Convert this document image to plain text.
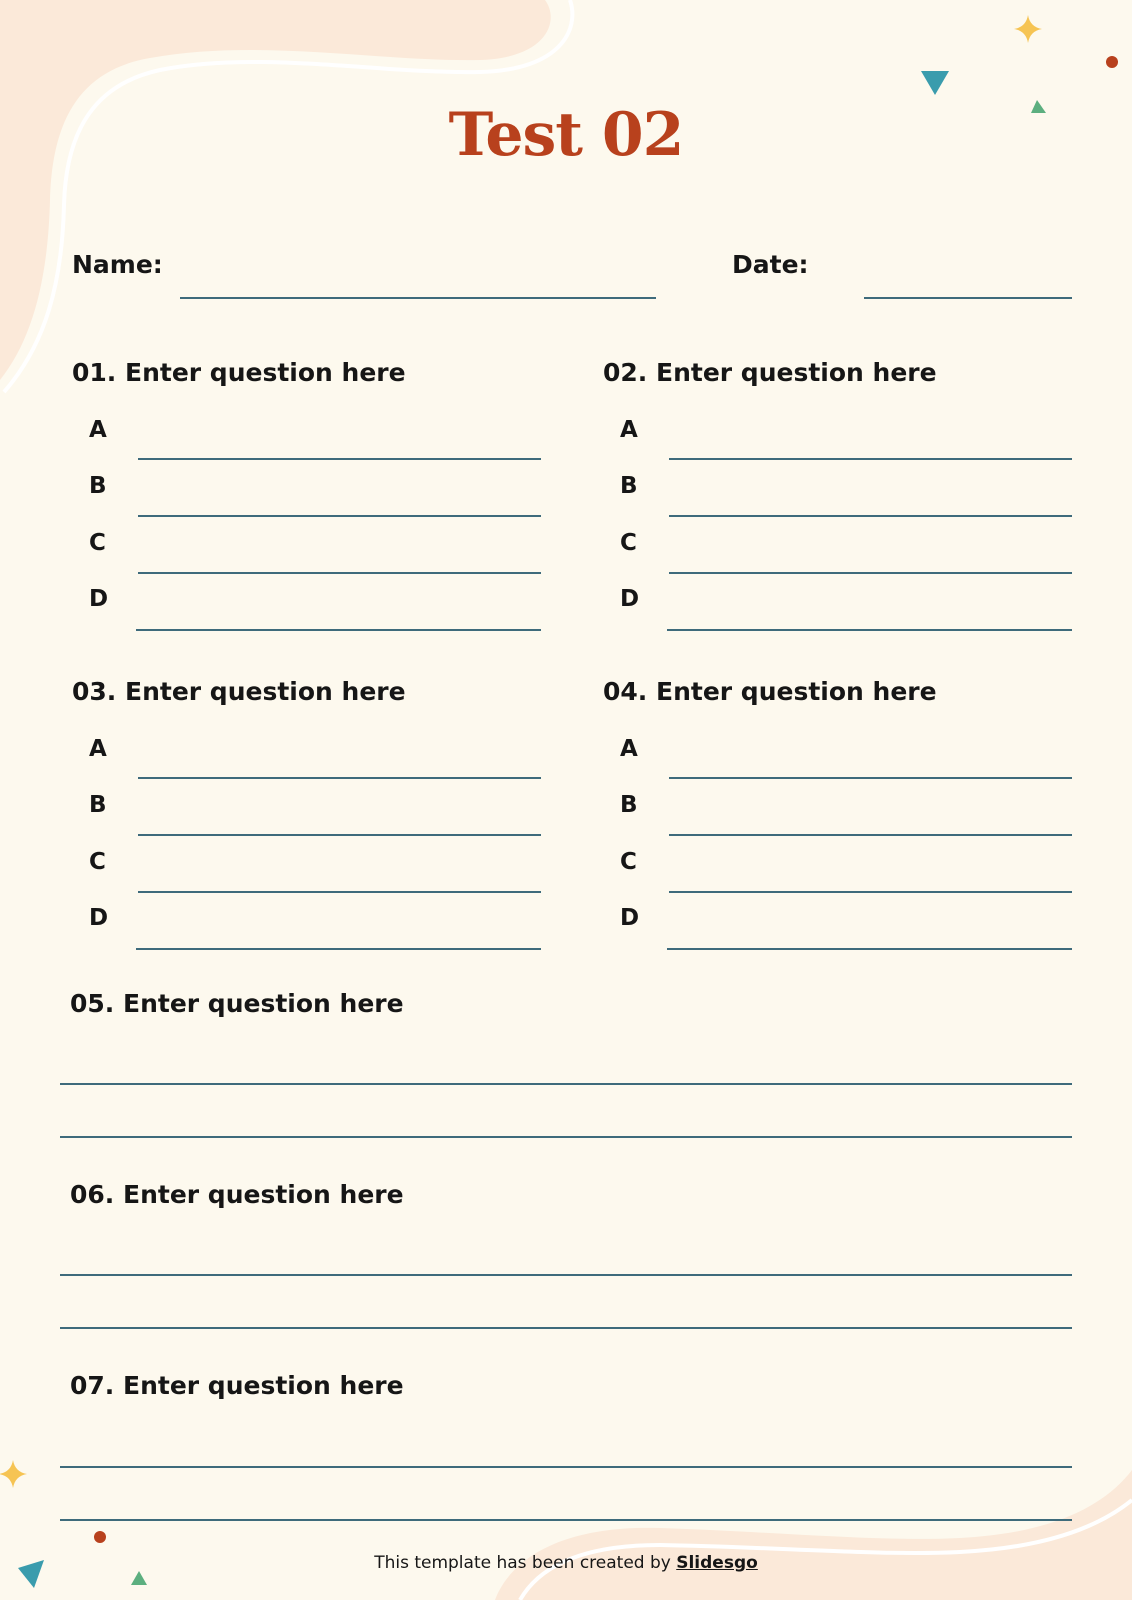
Test 02
Name:	Date:
01. Enter question here
A
B
C
D
02. Enter question here
A
B
C
D
03. Enter question here
A
B
C
D
04. Enter question here
A
B
C
D
05. Enter question here
06. Enter question here
07. Enter question here
This template has been created by Slidesgo
